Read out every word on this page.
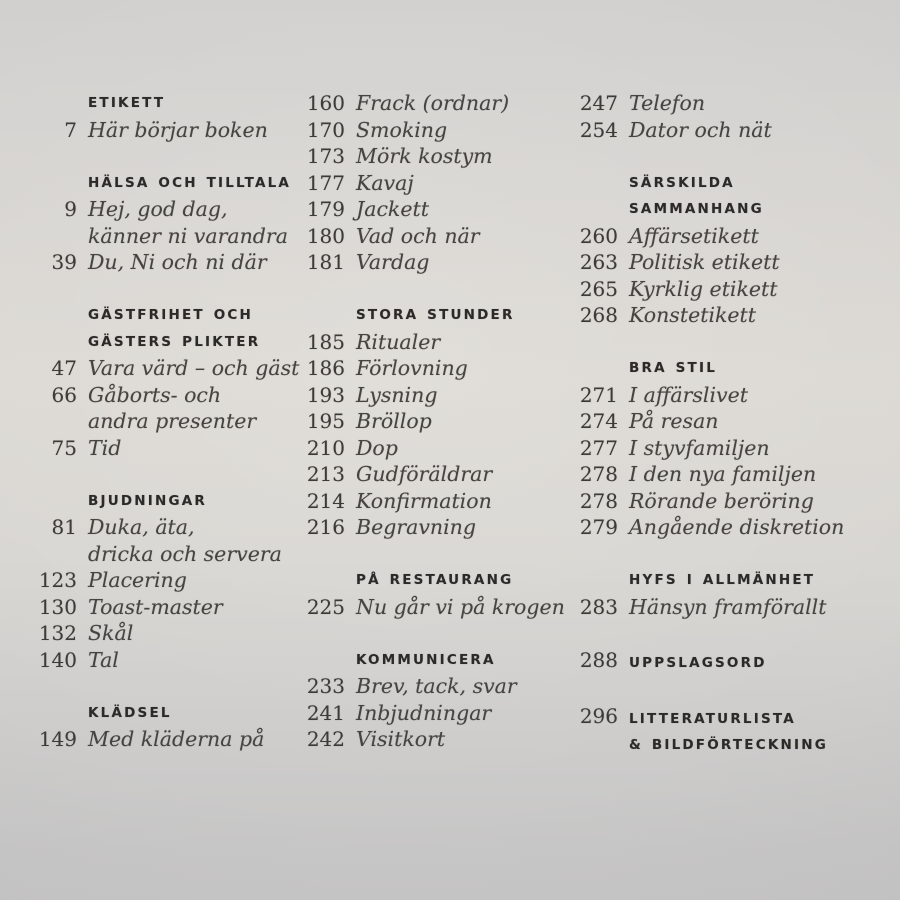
ETIKETT
7 Här börjar boken
HÄLSA OCH TILLTALA
9 Hej, god dag,
känner ni varandra
39 Du, Ni och ni där
GÄSTFRIHET OCH
GÄSTERS PLIKTER
47 Vara värd – och gäst
66 Gåborts- och
andra presenter
75 Tid
BJUDNINGAR
81 Duka, äta,
dricka och servera
123 Placering
130 Toast-master
132 Skål
140 Tal
KLÄDSEL
149 Med kläderna på
160 Frack (ordnar)
170 Smoking
173 Mörk kostym
177 Kavaj
179 Jackett
180 Vad och när
181 Vardag
STORA STUNDER
185 Ritualer
186 Förlovning
193 Lysning
195 Bröllop
210 Dop
213 Gudföräldrar
214 Konfirmation
216 Begravning
PÅ RESTAURANG
225 Nu går vi på krogen
KOMMUNICERA
233 Brev, tack, svar
241 Inbjudningar
242 Visitkort
247 Telefon
254 Dator och nät
SÄRSKILDA
SAMMANHANG
260 Affärsetikett
263 Politisk etikett
265 Kyrklig etikett
268 Konstetikett
BRA STIL
271 I affärslivet
274 På resan
277 I styvfamiljen
278 I den nya familjen
278 Rörande beröring
279 Angående diskretion
HYFS I ALLMÄNHET
283 Hänsyn framförallt
288 UPPSLAGSORD
296 LITTERATURLISTA
& BILDFÖRTECKNING
